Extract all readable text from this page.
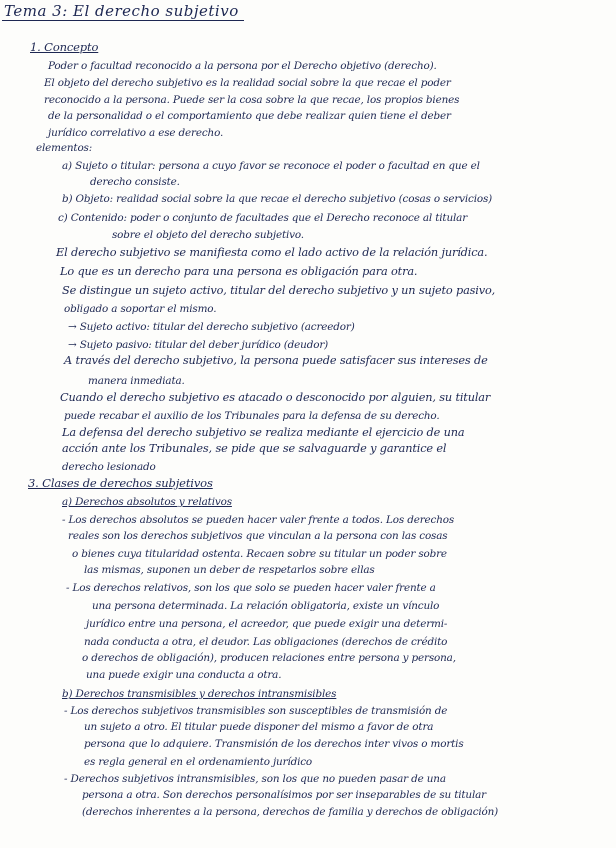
Tema 3: El derecho subjetivo
1. Concepto
Poder o facultad reconocido a la persona por el Derecho objetivo (derecho).
El objeto del derecho subjetivo es la realidad social sobre la que recae el poder
reconocido a la persona. Puede ser la cosa sobre la que recae, los propios bienes
de la personalidad o el comportamiento que debe realizar quien tiene el deber
jurídico correlativo a ese derecho.
elementos:
a) Sujeto o titular: persona a cuyo favor se reconoce el poder o facultad en que el
derecho consiste.
b) Objeto: realidad social sobre la que recae el derecho subjetivo (cosas o servicios)
c) Contenido: poder o conjunto de facultades que el Derecho reconoce al titular
sobre el objeto del derecho subjetivo.
El derecho subjetivo se manifiesta como el lado activo de la relación jurídica.
Lo que es un derecho para una persona es obligación para otra.
Se distingue un sujeto activo, titular del derecho subjetivo y un sujeto pasivo,
obligado a soportar el mismo.
→ Sujeto activo: titular del derecho subjetivo (acreedor)
→ Sujeto pasivo: titular del deber jurídico (deudor)
A través del derecho subjetivo, la persona puede satisfacer sus intereses de
manera inmediata.
Cuando el derecho subjetivo es atacado o desconocido por alguien, su titular
puede recabar el auxilio de los Tribunales para la defensa de su derecho.
La defensa del derecho subjetivo se realiza mediante el ejercicio de una
acción ante los Tribunales, se pide que se salvaguarde y garantice el
derecho lesionado
3. Clases de derechos subjetivos
a) Derechos absolutos y relativos
- Los derechos absolutos se pueden hacer valer frente a todos. Los derechos
reales son los derechos subjetivos que vinculan a la persona con las cosas
o bienes cuya titularidad ostenta. Recaen sobre su titular un poder sobre
las mismas, suponen un deber de respetarlos sobre ellas
- Los derechos relativos, son los que solo se pueden hacer valer frente a
una persona determinada. La relación obligatoria, existe un vínculo
jurídico entre una persona, el acreedor, que puede exigir una determi-
nada conducta a otra, el deudor. Las obligaciones (derechos de crédito
o derechos de obligación), producen relaciones entre persona y persona,
una puede exigir una conducta a otra.
b) Derechos transmisibles y derechos intransmisibles
- Los derechos subjetivos transmisibles son susceptibles de transmisión de
un sujeto a otro. El titular puede disponer del mismo a favor de otra
persona que lo adquiere. Transmisión de los derechos inter vivos o mortis
es regla general en el ordenamiento jurídico
- Derechos subjetivos intransmisibles, son los que no pueden pasar de una
persona a otra. Son derechos personalísimos por ser inseparables de su titular
(derechos inherentes a la persona, derechos de familia y derechos de obligación)
